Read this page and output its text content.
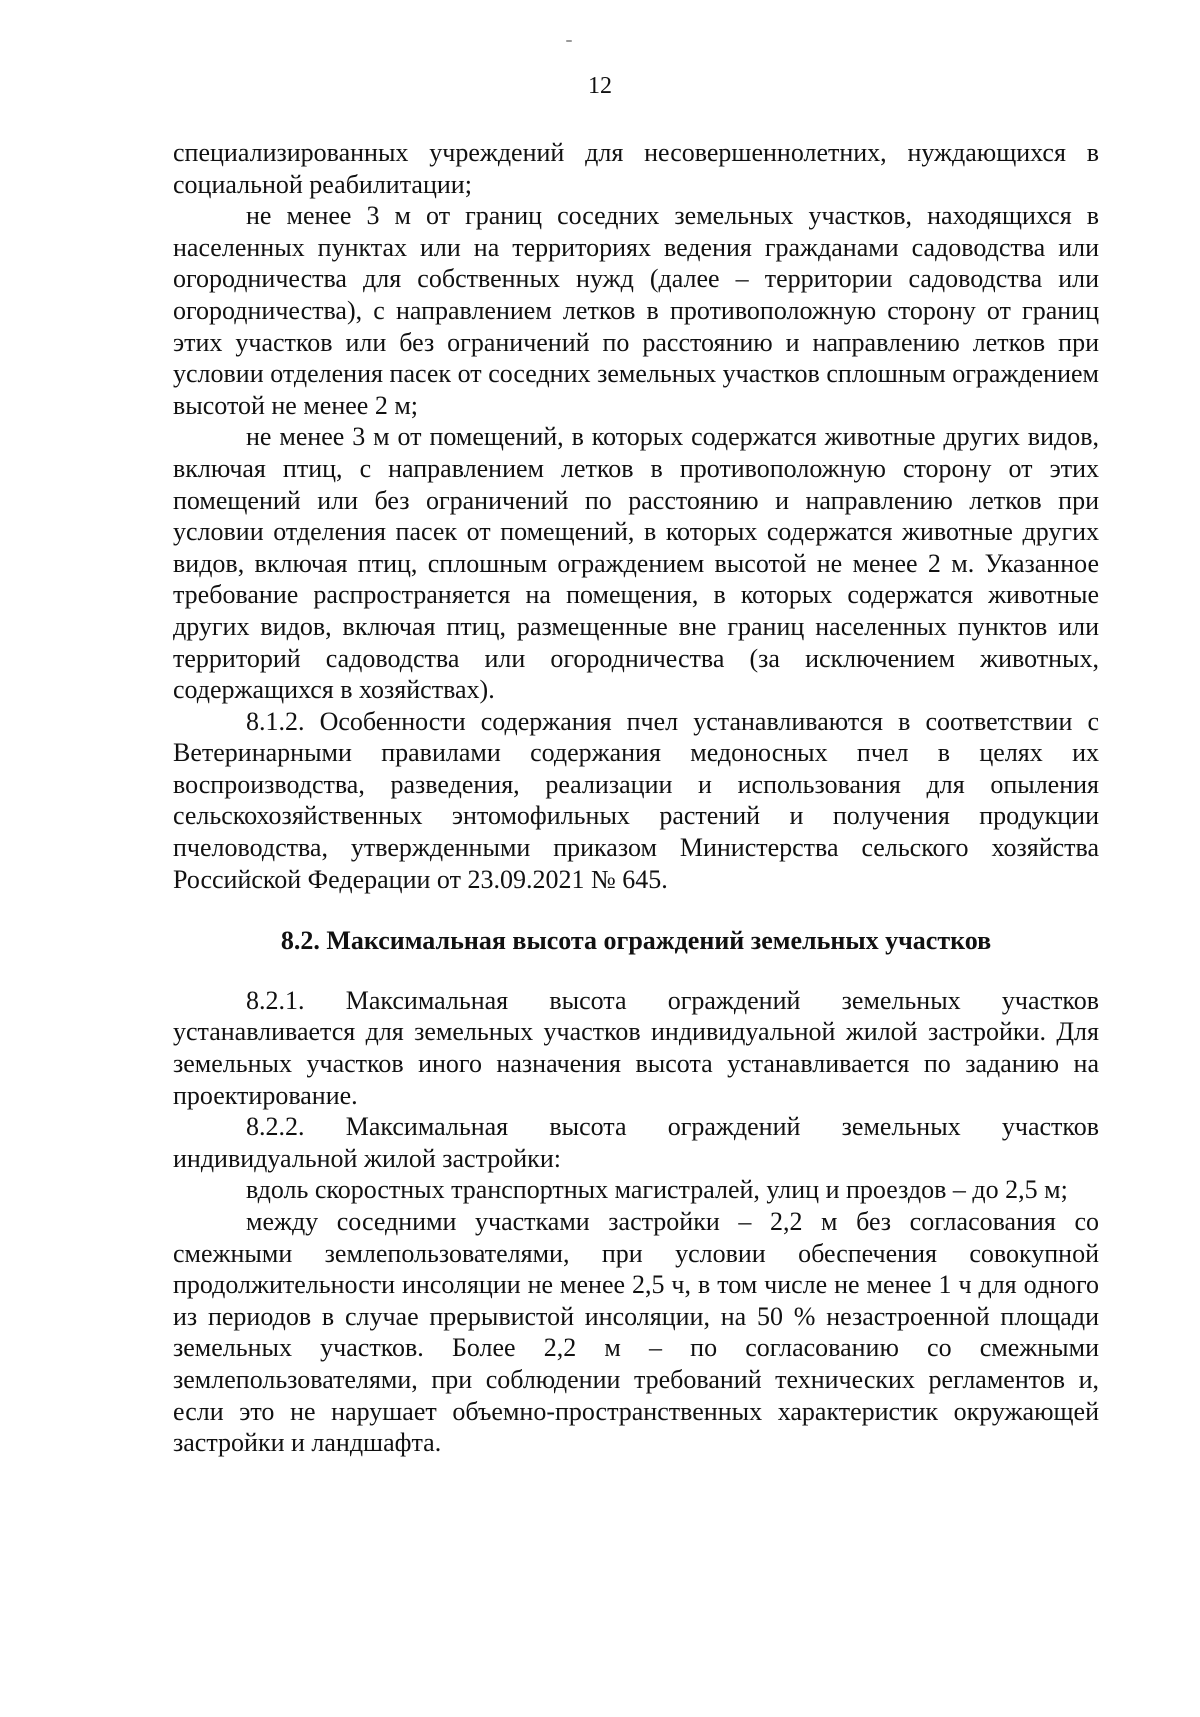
12

специализированных учреждений для несовершеннолетних, нуждающихся в социальной реабилитации;

не менее 3 м от границ соседних земельных участков, находящихся в населенных пунктах или на территориях ведения гражданами садоводства или огородничества для собственных нужд (далее – территории садоводства или огородничества), с направлением летков в противоположную сторону от границ этих участков или без ограничений по расстоянию и направлению летков при условии отделения пасек от соседних земельных участков сплошным ограждением высотой не менее 2 м;

не менее 3 м от помещений, в которых содержатся животные других видов, включая птиц, с направлением летков в противоположную сторону от этих помещений или без ограничений по расстоянию и направлению летков при условии отделения пасек от помещений, в которых содержатся животные других видов, включая птиц, сплошным ограждением высотой не менее 2 м. Указанное требование распространяется на помещения, в которых содержатся животные других видов, включая птиц, размещенные вне границ населенных пунктов или территорий садоводства или огородничества (за исключением животных, содержащихся в хозяйствах).

8.1.2. Особенности содержания пчел устанавливаются в соответствии с Ветеринарными правилами содержания медоносных пчел в целях их воспроизводства, разведения, реализации и использования для опыления сельскохозяйственных энтомофильных растений и получения продукции пчеловодства, утвержденными приказом Министерства сельского хозяйства Российской Федерации от 23.09.2021 № 645.

8.2. Максимальная высота ограждений земельных участков

8.2.1. Максимальная высота ограждений земельных участков устанавливается для земельных участков индивидуальной жилой застройки. Для земельных участков иного назначения высота устанавливается по заданию на проектирование.

8.2.2. Максимальная высота ограждений земельных участков индивидуальной жилой застройки:

вдоль скоростных транспортных магистралей, улиц и проездов – до 2,5 м;

между соседними участками застройки – 2,2 м без согласования со смежными землепользователями, при условии обеспечения совокупной продолжительности инсоляции не менее 2,5 ч, в том числе не менее 1 ч для одного из периодов в случае прерывистой инсоляции, на 50 % незастроенной площади земельных участков. Более 2,2 м – по согласованию со смежными землепользователями, при соблюдении требований технических регламентов и, если это не нарушает объемно-пространственных характеристик окружающей застройки и ландшафта.
